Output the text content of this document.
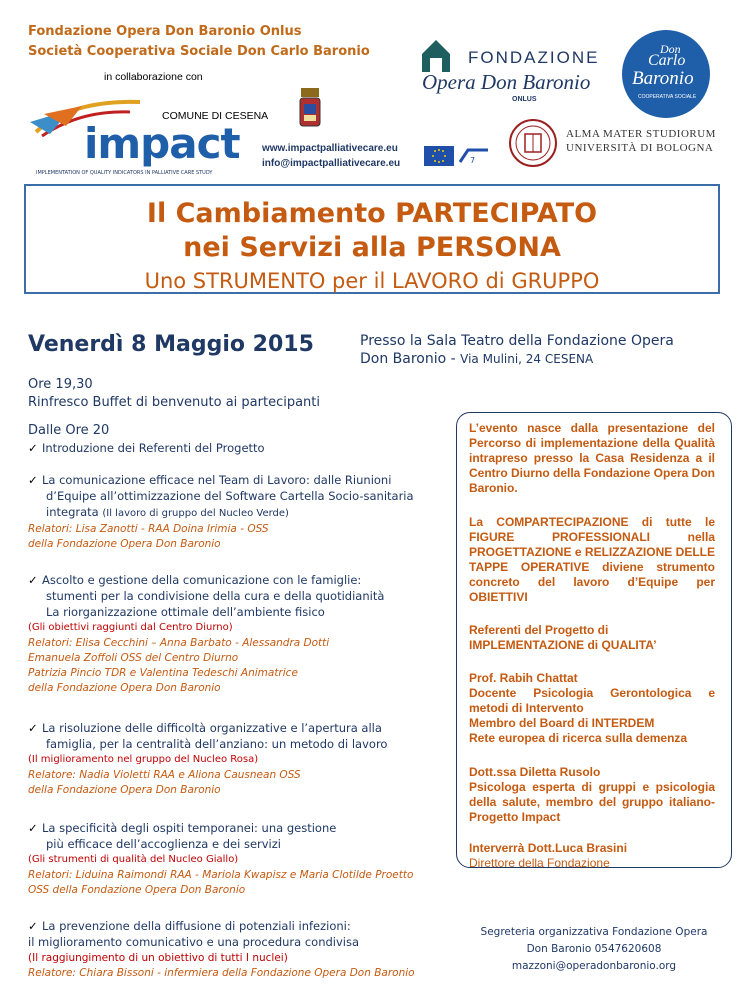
Fondazione Opera Don Baronio Onlus
Società Cooperativa Sociale Don Carlo Baronio
in collaborazione con
COMUNE DI CESENA
impact
IMPLEMENTATION OF QUALITY INDICATORS IN PALLIATIVE CARE STUDY
www.impactpalliativecare.eu
info@impactpalliativecare.eu	7
FONDAZIONE
Opera Don Baronio
ONLUS
Don
Carlo
Baronio
COOPERATIVA SOCIALE
ALMA MATER STUDIORUM
UNIVERSITÀ DI BOLOGNA
Il Cambiamento PARTECIPATO
nei Servizi alla PERSONA
Uno STRUMENTO per il LAVORO di GRUPPO
Venerdì 8 Maggio 2015	Presso la Sala Teatro della Fondazione Opera
Don Baronio - Via Mulini, 24 CESENA
Ore 19,30
Rinfresco Buffet di benvenuto ai partecipanti
Dalle Ore 20
✓ Introduzione dei Referenti del Progetto
✓ La comunicazione efficace nel Team di Lavoro: dalle Riunioni
d’Equipe all’ottimizzazione del Software Cartella Socio-sanitaria
integrata (Il lavoro di gruppo del Nucleo Verde)
Relatori: Lisa Zanotti - RAA Doina Irimia - OSS
della Fondazione Opera Don Baronio
✓ Ascolto e gestione della comunicazione con le famiglie:
stumenti per la condivisione della cura e della quotidianità
La riorganizzazione ottimale dell’ambiente fisico
(Gli obiettivi raggiunti dal Centro Diurno)
Relatori: Elisa Cecchini – Anna Barbato - Alessandra Dotti
Emanuela Zoffoli OSS del Centro Diurno
Patrizia Pincio TDR e Valentina Tedeschi Animatrice
della Fondazione Opera Don Baronio
✓ La risoluzione delle difficoltà organizzative e l’apertura alla
famiglia, per la centralità dell’anziano: un metodo di lavoro
(Il miglioramento nel gruppo del Nucleo Rosa)
Relatore: Nadia Violetti RAA e Aliona Causnean OSS
della Fondazione Opera Don Baronio
✓ La specificità degli ospiti temporanei: una gestione
più efficace dell’accoglienza e dei servizi
(Gli strumenti di qualità del Nucleo Giallo)
Relatori: Liduina Raimondi RAA - Mariola Kwapisz e Maria Clotilde Proetto
OSS della Fondazione Opera Don Baronio
✓ La prevenzione della diffusione di potenziali infezioni:
il miglioramento comunicativo e una procedura condivisa
(Il raggiungimento di un obiettivo di tutti I nuclei)
Relatore: Chiara Bissoni - infermiera della Fondazione Opera Don Baronio
L’evento nasce dalla presentazione del Percorso di implementazione della Qualità intrapreso presso la Casa Residenza a il Centro Diurno della Fondazione Opera Don Baronio.
La COMPARTECIPAZIONE di tutte le FIGURE PROFESSIONALI nella PROGETTAZIONE e RELIZZAZIONE DELLE TAPPE OPERATIVE diviene strumento concreto del lavoro d’Equipe per OBIETTIVI
Referenti del Progetto di
IMPLEMENTAZIONE di QUALITA’
Prof. Rabih Chattat
Docente Psicologia Gerontologica e metodi di Intervento
Membro del Board di INTERDEM
Rete europea di ricerca sulla demenza
Dott.ssa Diletta Rusolo
Psicologa esperta di gruppi e psicologia della salute, membro del gruppo italiano- Progetto Impact
Interverrà Dott.Luca Brasini
Direttore della Fondazione
Segreteria organizzativa Fondazione Opera
Don Baronio 0547620608
mazzoni@operadonbaronio.org
